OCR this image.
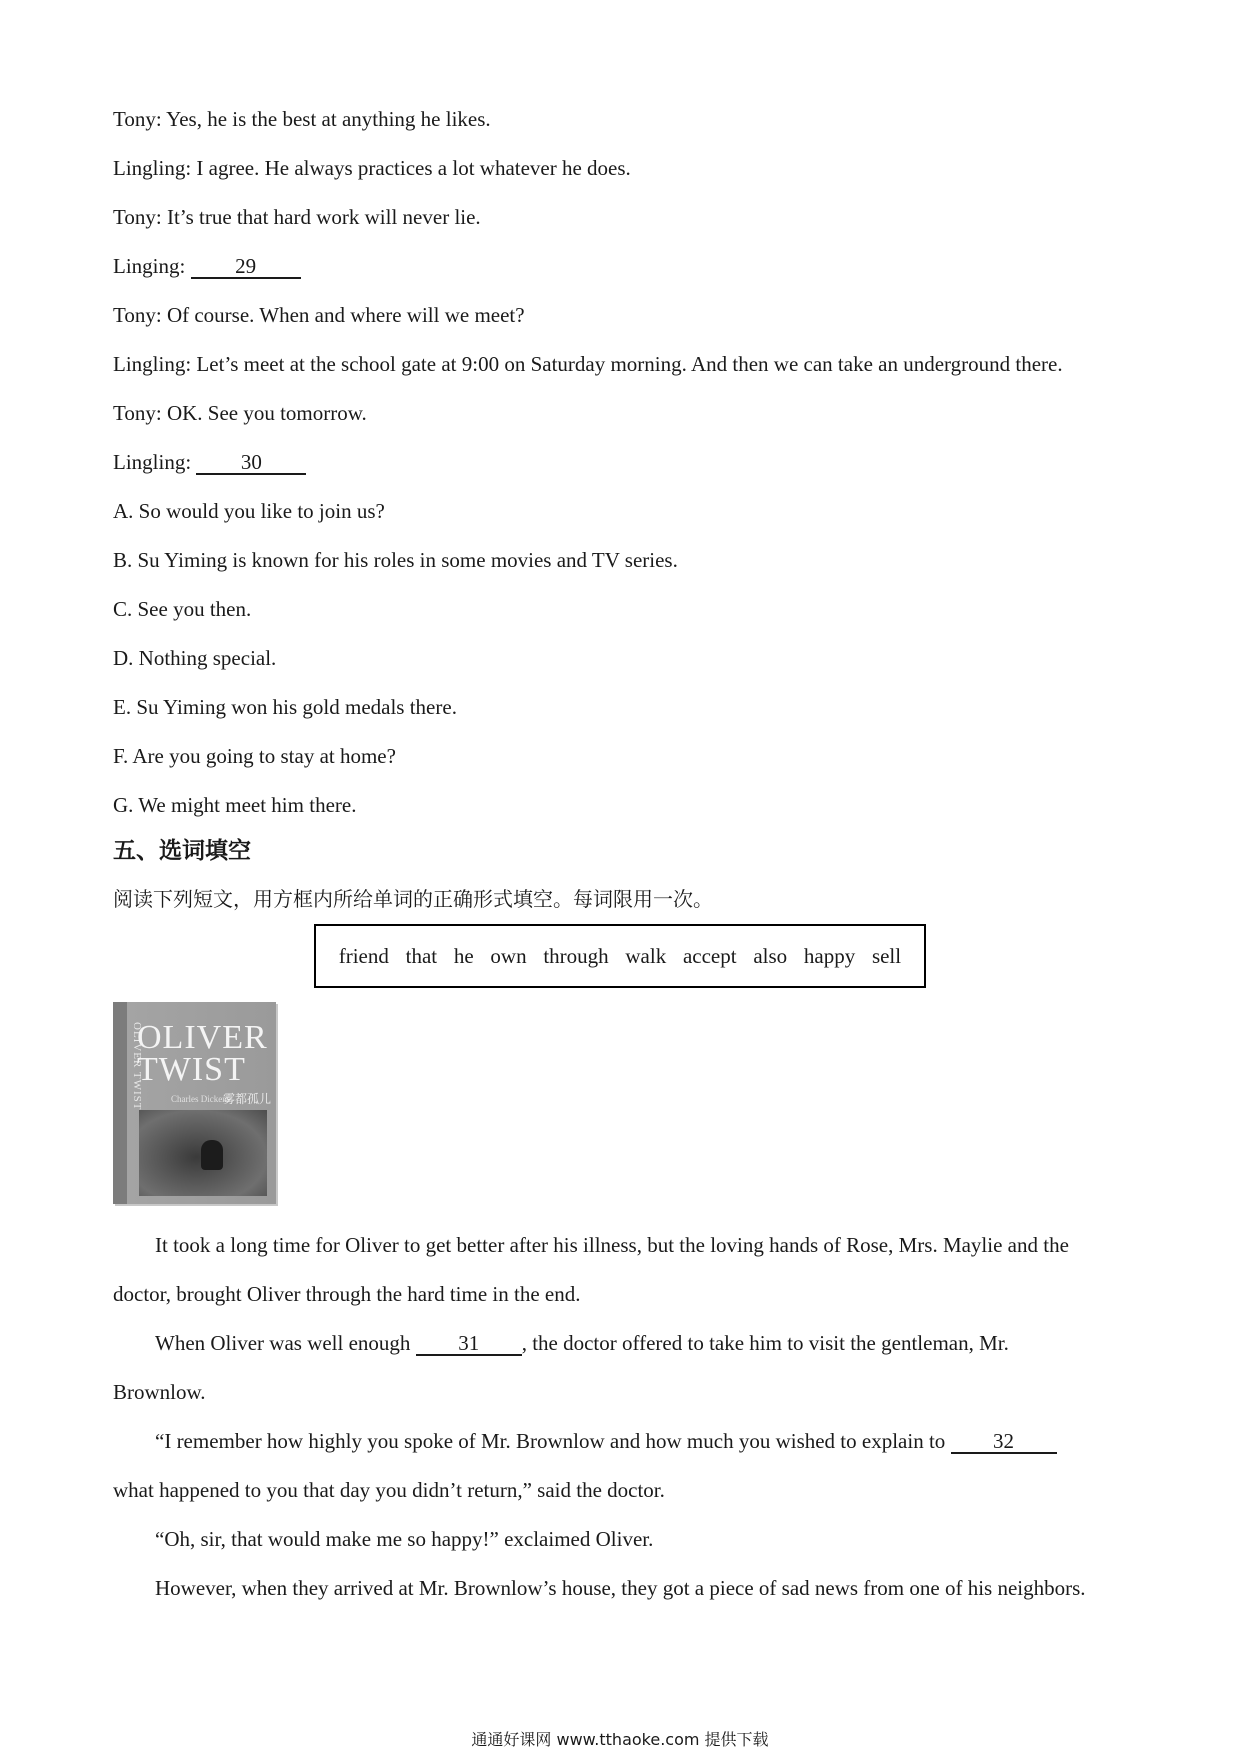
Tony: Yes, he is the best at anything he likes.
Lingling: I agree. He always practices a lot whatever he does.
Tony: It’s true that hard work will never lie.
Linging: 29
Tony: Of course. When and where will we meet?
Lingling: Let’s meet at the school gate at 9:00 on Saturday morning. And then we can take an underground there.
Tony: OK. See you tomorrow.
Lingling: 30
A. So would you like to join us?
B. Su Yiming is known for his roles in some movies and TV series.
C. See you then.
D. Nothing special.
E. Su Yiming won his gold medals there.
F. Are you going to stay at home?
G. We might meet him there.
五、选词填空
阅读下列短文，用方框内所给单词的正确形式填空。每词限用一次。
friend that he own through walk accept also happy sell
OLIVER TWIST
OLIVER
TWIST
Charles Dickens
雾都孤儿
It took a long time for Oliver to get better after his illness, but the loving hands of Rose, Mrs. Maylie and the
doctor, brought Oliver through the hard time in the end.
When Oliver was well enough 31 , the doctor offered to take him to visit the gentleman, Mr.
Brownlow.
“I remember how highly you spoke of Mr. Brownlow and how much you wished to explain to 32
what happened to you that day you didn’t return,” said the doctor.
“Oh, sir, that would make me so happy!” exclaimed Oliver.
However, when they arrived at Mr. Brownlow’s house, they got a piece of sad news from one of his neighbors.
通通好课网 www.tthaoke.com 提供下载
